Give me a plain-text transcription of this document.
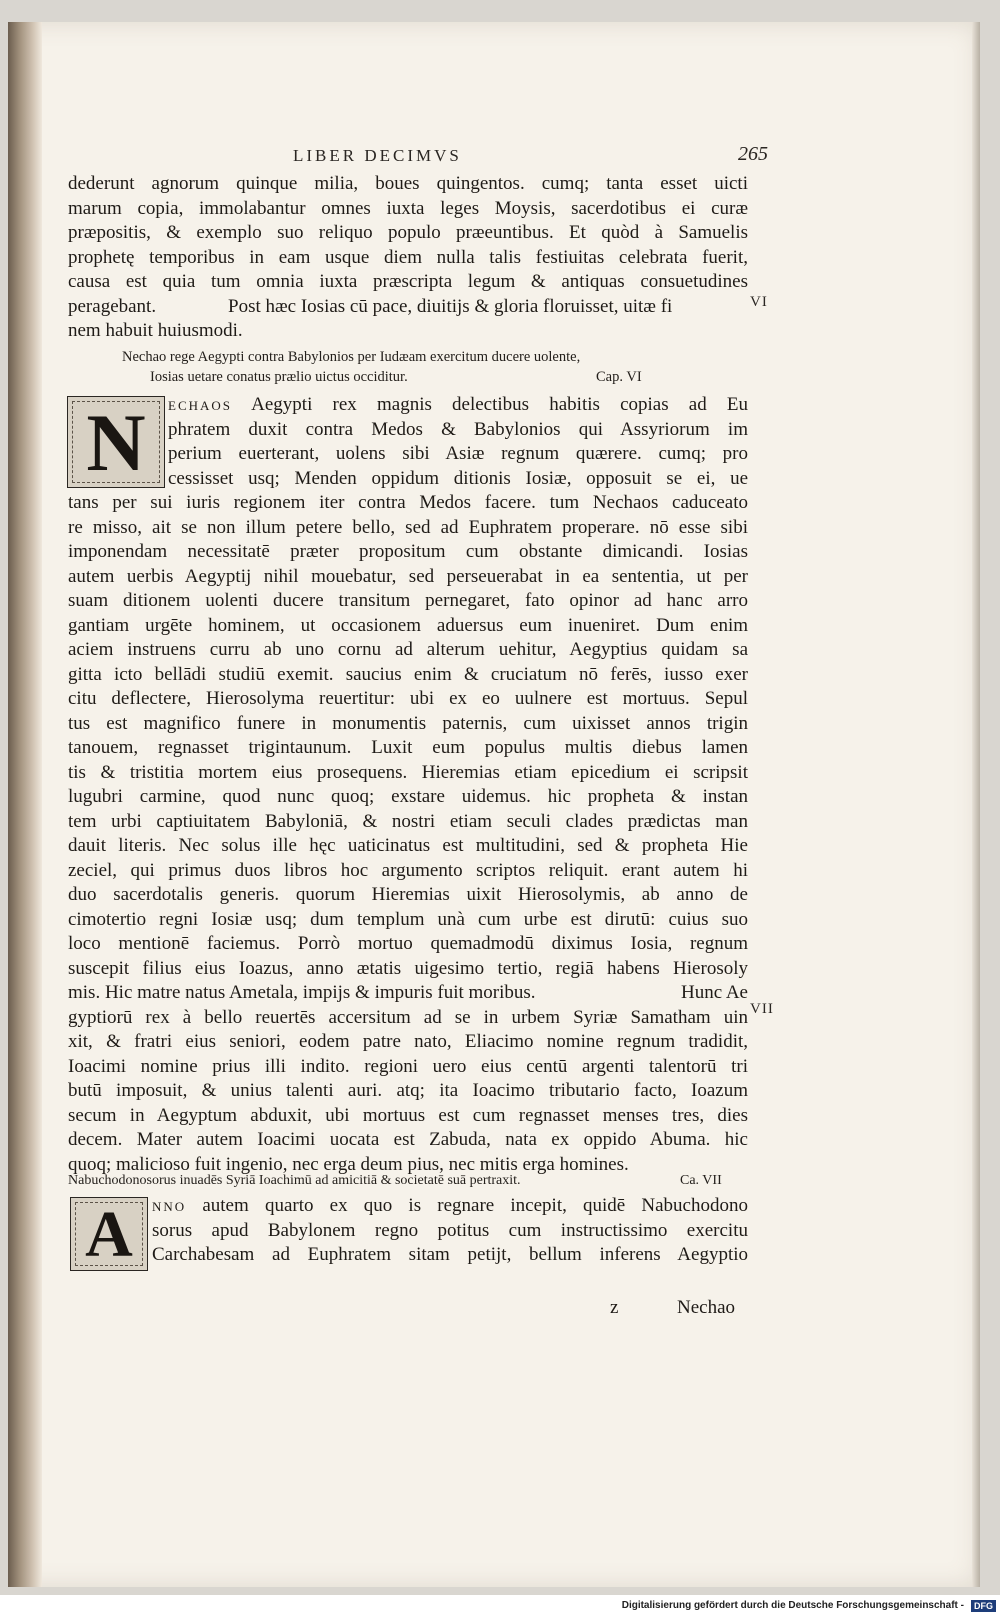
LIBER DECIMVS	265
dederunt agnorum quinque milia, boues quingentos. cumq; tanta esset uicti
marum copia, immolabantur omnes iuxta leges Moysis, sacerdotibus ei curæ
præpositis, & exemplo suo reliquo populo præeuntibus. Et quòd à Samuelis
prophetę temporibus in eam usque diem nulla talis festiuitas celebrata fuerit,
causa est quia tum omnia iuxta præscripta legum & antiquas consuetudines
peragebant.	Post hæc Iosias cū pace, diuitijs & gloria floruisset, uitæ fi
nem habuit huiusmodi.
VI
Nechao rege Aegypti contra Babylonios per Iudæam exercitum ducere uolente,
Iosias uetare conatus prælio uictus occiditur.	Cap. VI
N	ECHAOS Aegypti rex magnis delectibus habitis copias ad Eu
phratem duxit contra Medos & Babylonios qui Assyriorum im
perium euerterant, uolens sibi Asiæ regnum quærere. cumq; pro
cessisset usq; Menden oppidum ditionis Iosiæ, opposuit se ei, ue
tans per sui iuris regionem iter contra Medos facere. tum Nechaos caduceato
re misso, ait se non illum petere bello, sed ad Euphratem properare. nō esse sibi
imponendam necessitatē præter propositum cum obstante dimicandi. Iosias
autem uerbis Aegyptij nihil mouebatur, sed perseuerabat in ea sententia, ut per
suam ditionem uolenti ducere transitum pernegaret, fato opinor ad hanc arro
gantiam urgēte hominem, ut occasionem aduersus eum inueniret. Dum enim
aciem instruens curru ab uno cornu ad alterum uehitur, Aegyptius quidam sa
gitta icto bellādi studiū exemit. saucius enim & cruciatum nō ferēs, iusso exer
citu deflectere, Hierosolyma reuertitur: ubi ex eo uulnere est mortuus. Sepul
tus est magnifico funere in monumentis paternis, cum uixisset annos trigin
tanouem, regnasset trigintaunum. Luxit eum populus multis diebus lamen
tis & tristitia mortem eius prosequens. Hieremias etiam epicedium ei scripsit
lugubri carmine, quod nunc quoq; exstare uidemus. hic propheta & instan
tem urbi captiuitatem Babyloniā, & nostri etiam seculi clades prædictas man
dauit literis. Nec solus ille hęc uaticinatus est multitudini, sed & propheta Hie
zeciel, qui primus duos libros hoc argumento scriptos reliquit. erant autem hi
duo sacerdotalis generis. quorum Hieremias uixit Hierosolymis, ab anno de
cimotertio regni Iosiæ usq; dum templum unà cum urbe est dirutū: cuius suo
loco mentionē faciemus. Porrò mortuo quemadmodū diximus Iosia, regnum
suscepit filius eius Ioazus, anno ætatis uigesimo tertio, regiā habens Hierosoly
mis. Hic matre natus Ametala, impijs & impuris fuit moribus.	Hunc Ae
gyptiorū rex à bello reuertēs accersitum ad se in urbem Syriæ Samatham uin
xit, & fratri eius seniori, eodem patre nato, Eliacimo nomine regnum tradidit,
Ioacimi nomine prius illi indito. regioni uero eius centū argenti talentorū tri
butū imposuit, & unius talenti auri. atq; ita Ioacimo tributario facto, Ioazum
secum in Aegyptum abduxit, ubi mortuus est cum regnasset menses tres, dies
decem. Mater autem Ioacimi uocata est Zabuda, nata ex oppido Abuma. hic
quoq; malicioso fuit ingenio, nec erga deum pius, nec mitis erga homines.
VII
Nabuchodonosorus inuadēs Syriā Ioachimū ad amicitiā & societatē suā pertraxit.	Ca. VII
A	NNO autem quarto ex quo is regnare incepit, quidē Nabuchodono
sorus apud Babylonem regno potitus cum instructissimo exercitu
Carchabesam ad Euphratem sitam petijt, bellum inferens Aegyptio
z	Nechao
Digitalisierung gefördert durch die Deutsche Forschungsgemeinschaft -	DFG
